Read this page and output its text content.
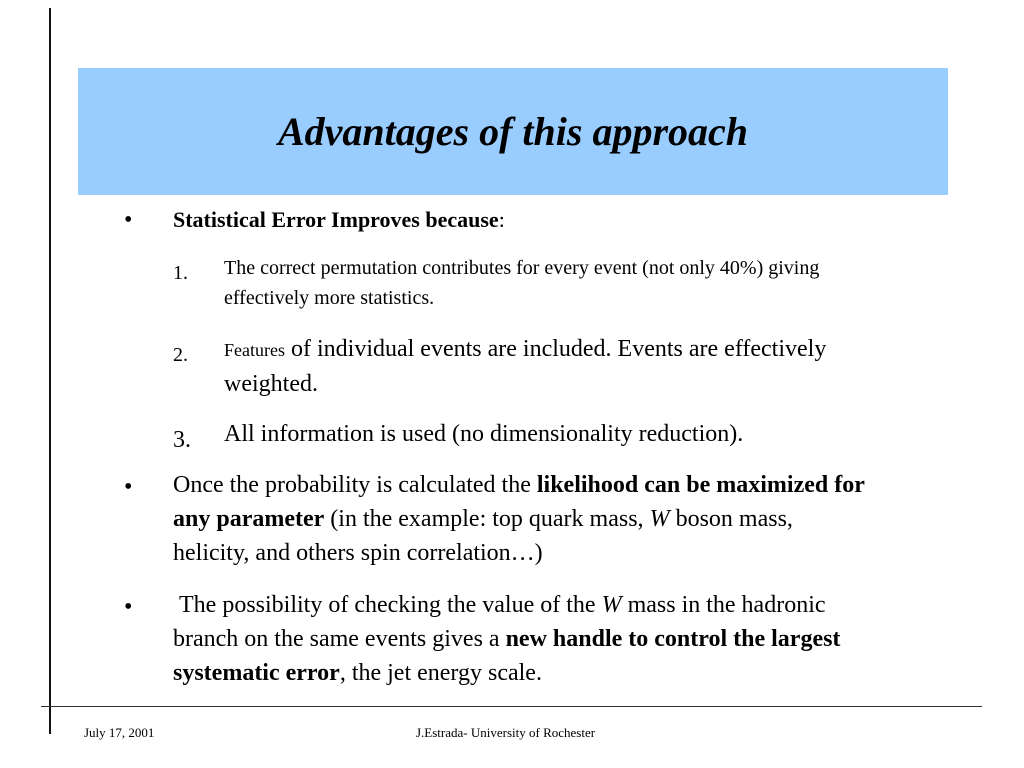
Advantages of this approach
• Statistical Error Improves because:
1. The correct permutation contributes for every event (not only 40%) giving effectively more statistics.
2. Features of individual events are included. Events are effectively weighted.
3. All information is used (no dimensionality reduction).
• Once the probability is calculated the likelihood can be maximized for any parameter (in the example: top quark mass, W boson mass, helicity, and others spin correlation…)
• The possibility of checking the value of the W mass in the hadronic branch on the same events gives a new handle to control the largest systematic error, the jet energy scale.
July 17, 2001	J.Estrada- University of Rochester
